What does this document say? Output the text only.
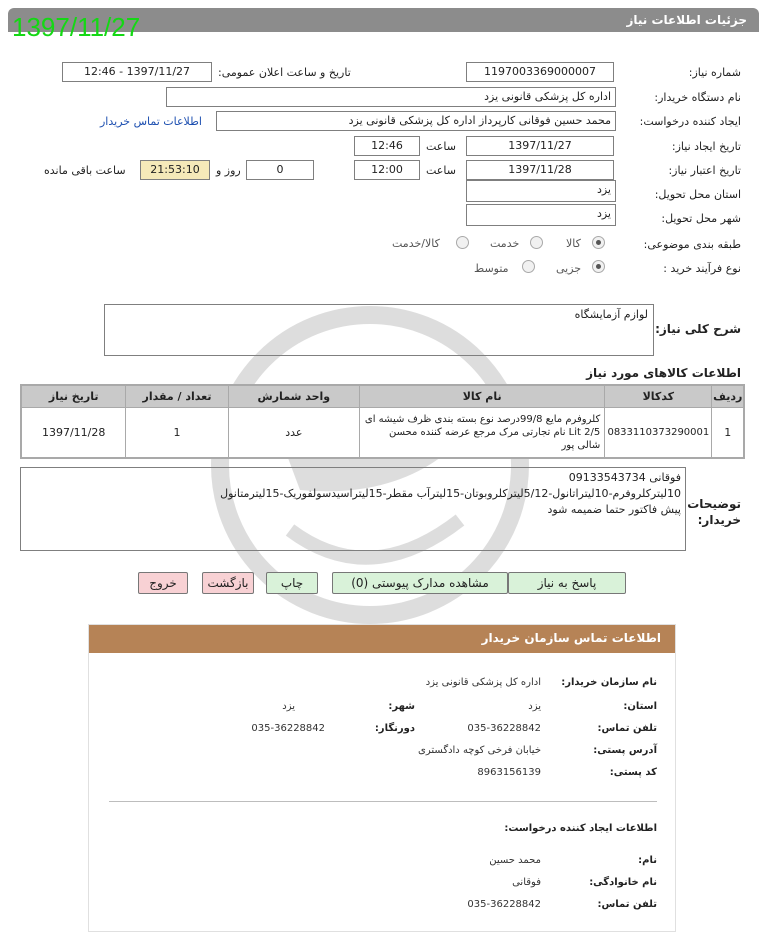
جزئیات اطلاعات نیاز
1397/11/27
شماره نیاز:
1197003369000007
تاریخ و ساعت اعلان عمومی:
1397/11/27 - 12:46
نام دستگاه خریدار:
اداره کل پزشکی قانونی یزد
ایجاد کننده درخواست:
محمد حسین فوقانی کارپرداز اداره کل پزشکی قانونی یزد
اطلاعات تماس خریدار
تاریخ ایجاد نیاز:
1397/11/27
ساعت
12:46
تاریخ اعتبار نیاز:
1397/11/28
ساعت
12:00
0
روز و
21:53:10
ساعت باقی مانده
استان محل تحویل:
یزد
شهر محل تحویل:
یزد
طبقه بندی موضوعی:
کالا
خدمت
کالا/خدمت
نوع فرآیند خرید :
جزیی
متوسط
شرح کلی نیاز:
لوازم آزمایشگاه
اطلاعات کالاهای مورد نیاز
ردیف	کدکالا	نام کالا	واحد شمارش	تعداد / مقدار	تاریخ نیاز
1	0833110373290001	کلروفرم مایع 99/8درصد نوع بسته بندی ظرف شیشه ای 2/5 Lit نام تجارتی مرک مرجع عرضه کننده محسن شالی پور	عدد	1	1397/11/28
توضیحات خریدار:
فوقانی 09133543734
10لیترکلروفرم-10لیتراتانول-5/12لیترکلروبوتان-15لیترآب مقطر-15لیتراسیدسولفوریک-15لیترمتانول
پیش فاکتور حتما ضمیمه شود
پاسخ به نیاز
مشاهده مدارک پیوستی (0)
چاپ
بازگشت
خروج
اطلاعات تماس سازمان خریدار
نام سازمان خریدار:
اداره کل پزشکی قانونی یزد
استان:
یزد
شهر:
یزد
تلفن تماس:
035-36228842
دورنگار:
035-36228842
آدرس پستی:
خیابان فرخی کوچه دادگستری
کد پستی:
8963156139
اطلاعات ایجاد کننده درخواست:
نام:
محمد حسین
نام خانوادگی:
فوقانی
تلفن تماس:
035-36228842
